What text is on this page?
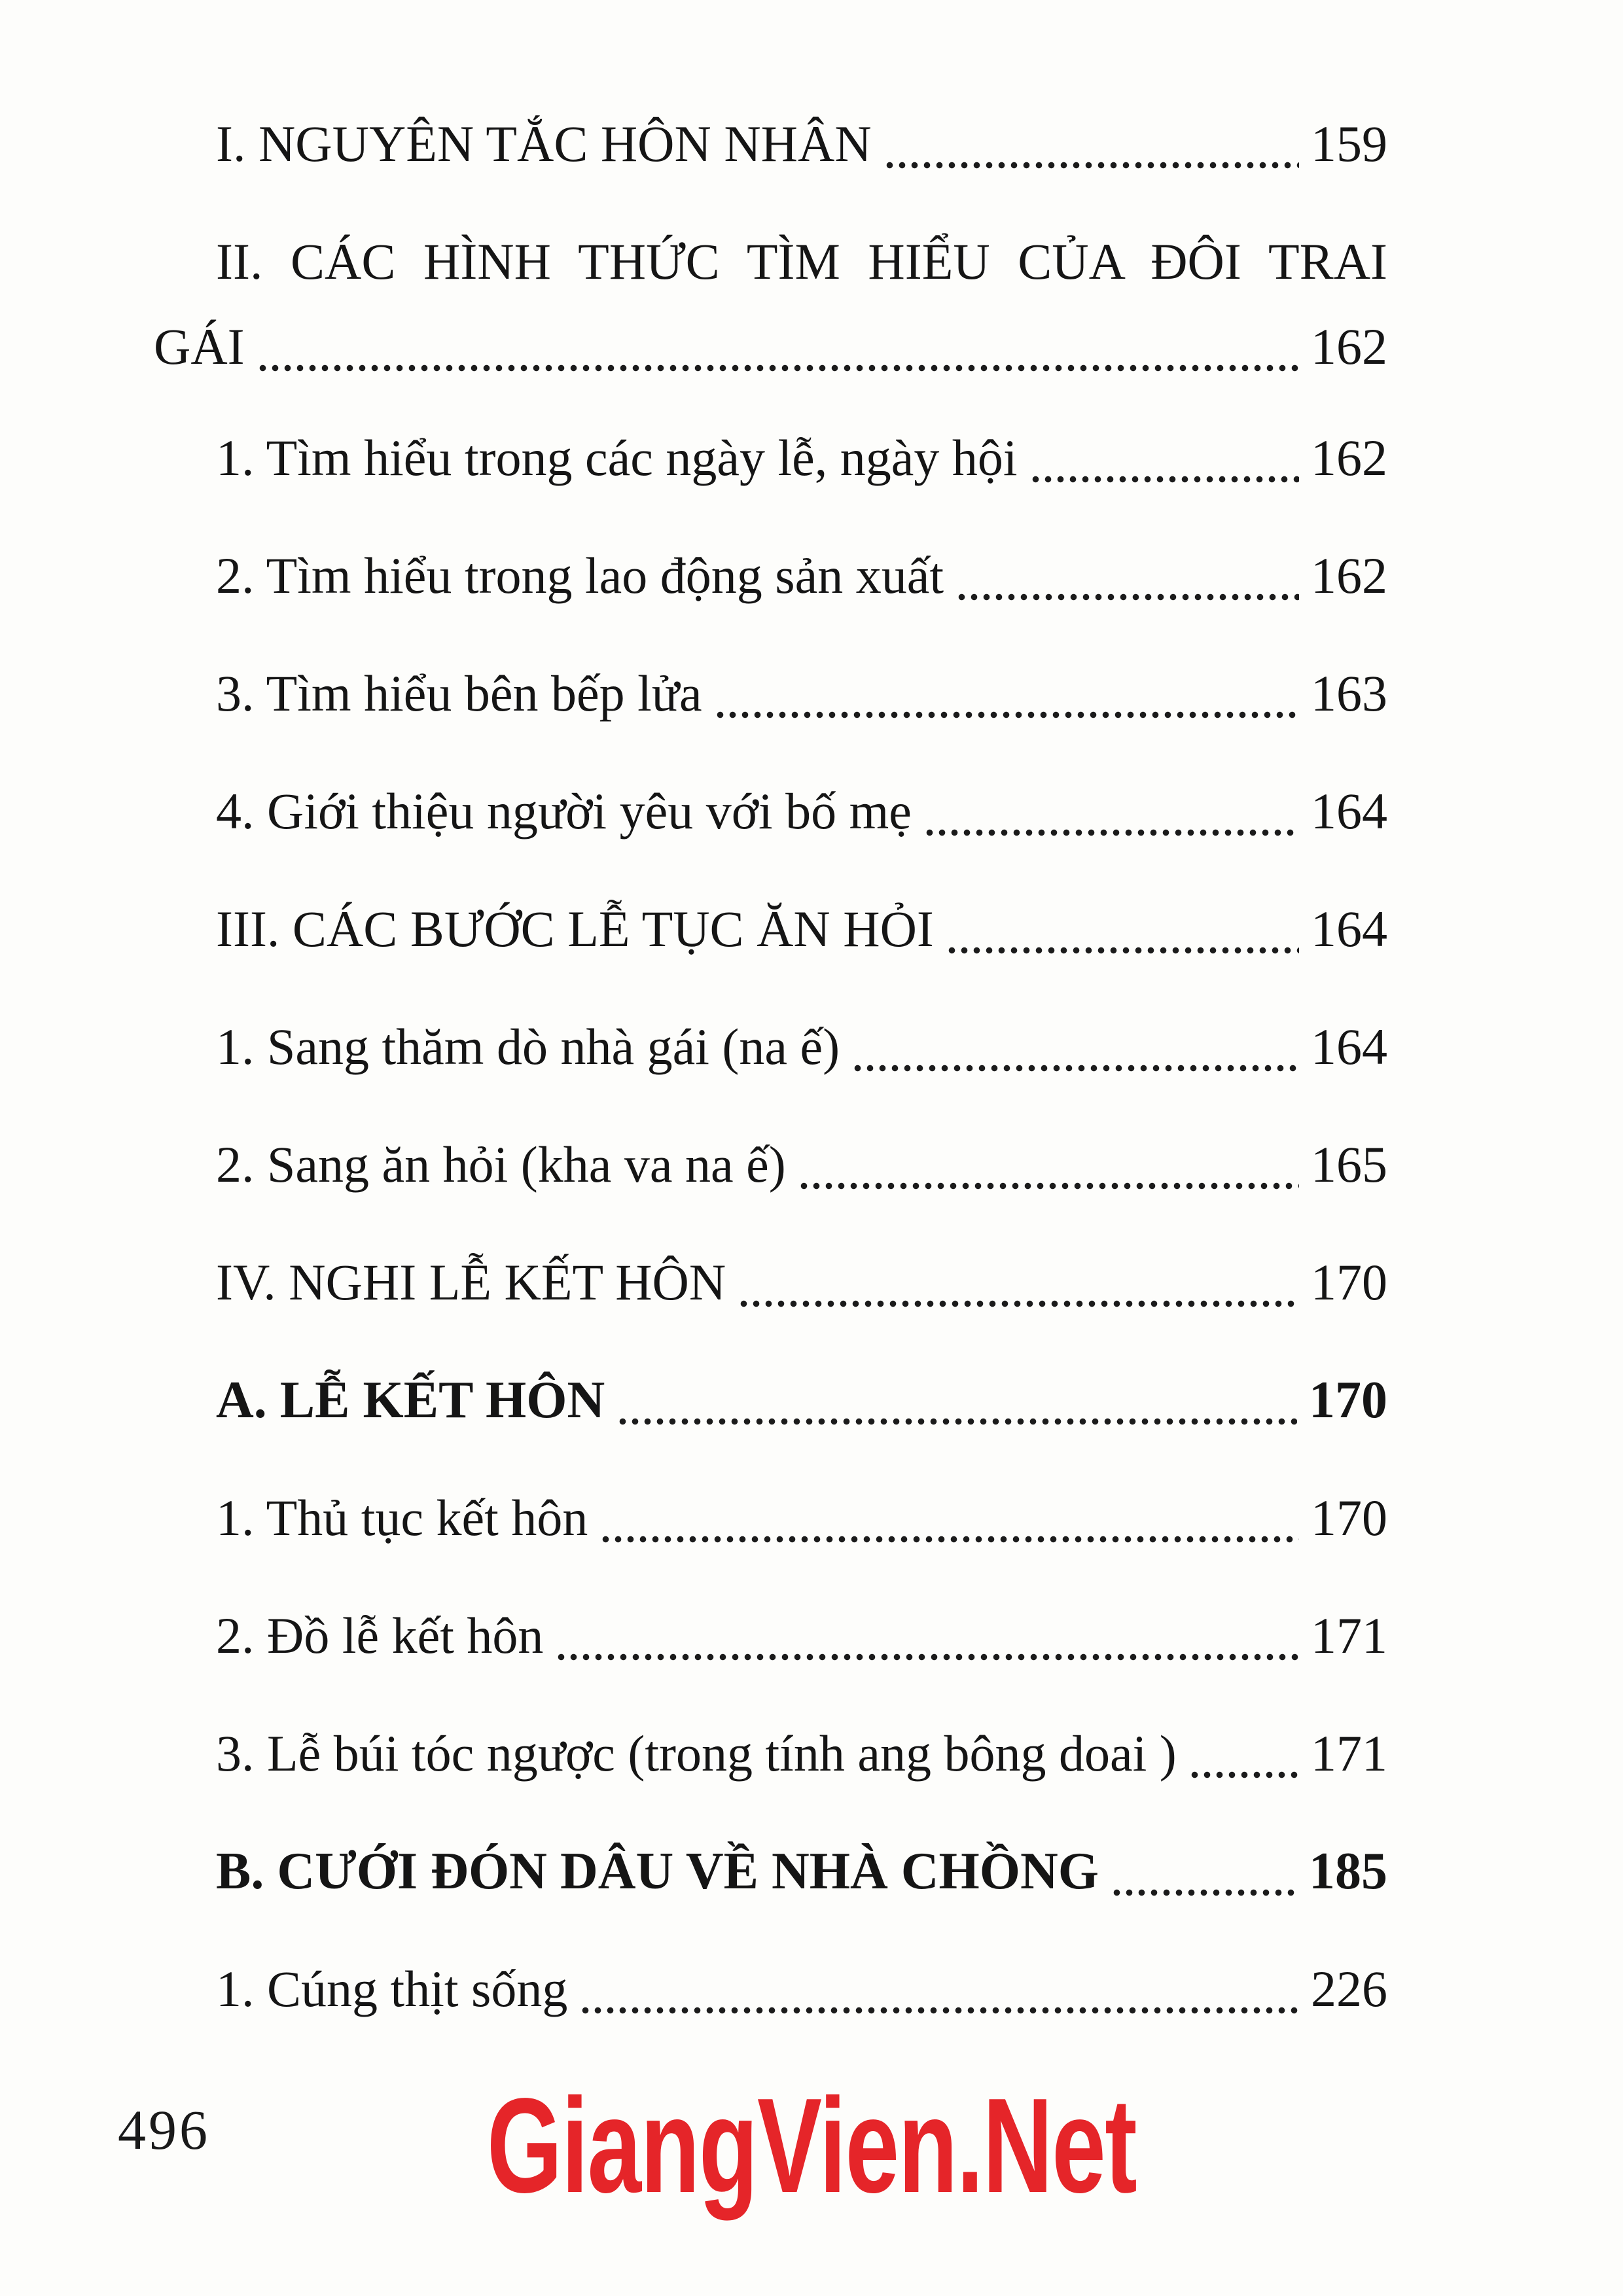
I. NGUYÊN TẮC HÔN NHÂN	159
II. CÁC HÌNH THỨC TÌM HIỂU CỦA ĐÔI TRAI
GÁI	162
1. Tìm hiểu trong các ngày lễ, ngày hội	162
2. Tìm hiểu trong lao động sản xuất	162
3. Tìm hiểu bên bếp lửa	163
4. Giới thiệu người yêu với bố mẹ	164
III. CÁC BƯỚC LỄ TỤC ĂN HỎI	164
1. Sang thăm dò nhà gái (na ế)	164
2. Sang ăn hỏi (kha va na ế)	165
IV. NGHI LỄ KẾT HÔN	170
A. LỄ KẾT HÔN	170
1. Thủ tục kết hôn	170
2. Đồ lễ kết hôn	171
3. Lễ búi tóc ngược (trong tính ang bông doai )	171
B. CƯỚI ĐÓN DÂU VỀ NHÀ CHỒNG	185
1. Cúng thịt sống	226
496 GiangVien.Net
